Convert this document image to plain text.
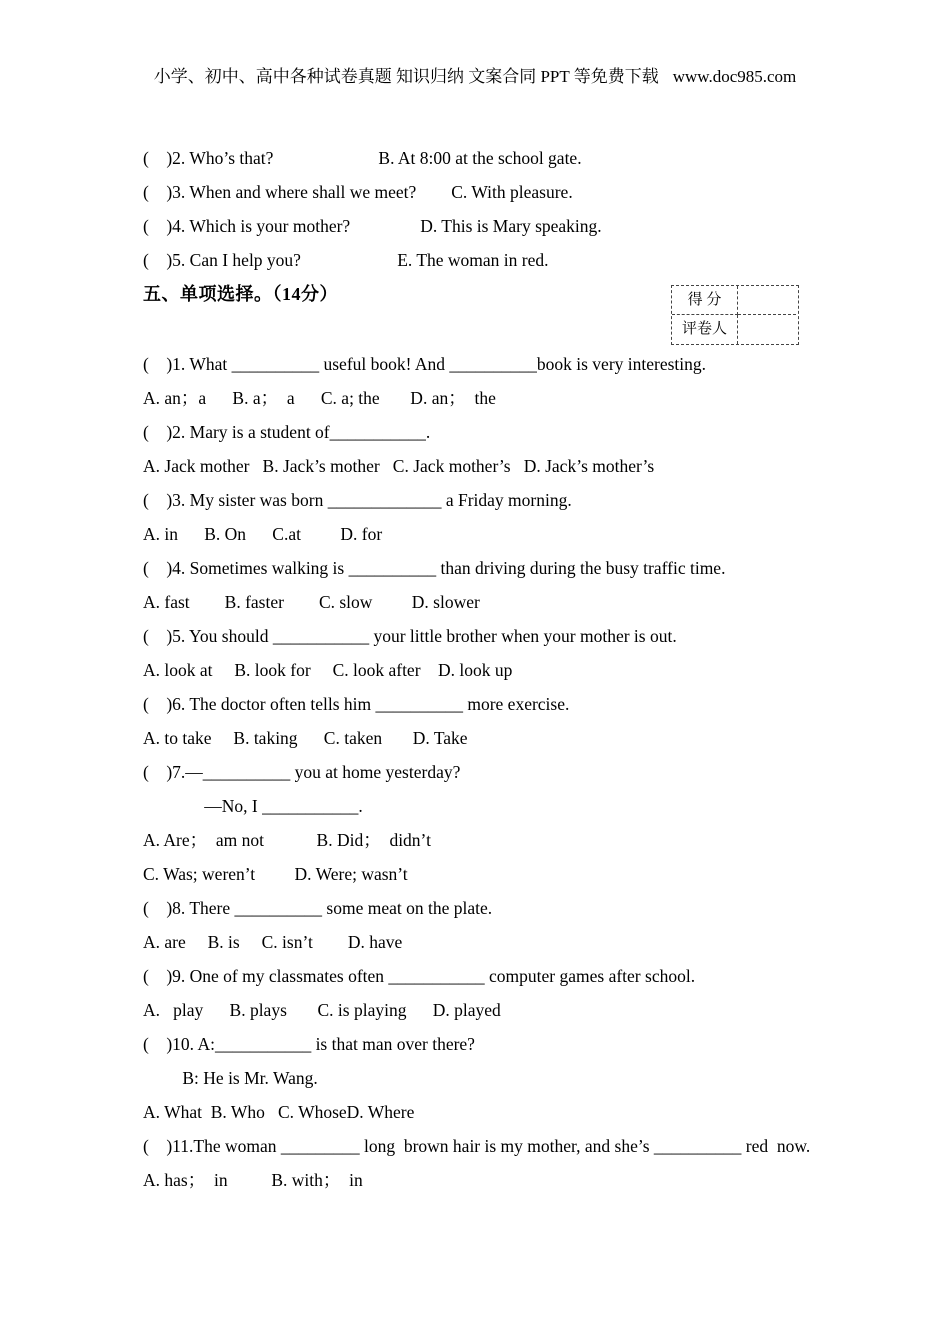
小学、初中、高中各种试卷真题 知识归纳 文案合同 PPT 等免费下载 www.doc985.com
得 分
评卷人
(    )2. Who’s that?                        B. At 8:00 at the school gate.
(    )3. When and where shall we meet?        C. With pleasure.
(    )4. Which is your mother?                D. This is Mary speaking.
(    )5. Can I help you?                      E. The woman in red.
五、单项选择。（14分）
(    )1. What __________ useful book! And __________book is very interesting.
A. an；a      B. a；  a      C. a; the       D. an；  the
(    )2. Mary is a student of___________.
A. Jack mother   B. Jack’s mother   C. Jack mother’s   D. Jack’s mother’s
(    )3. My sister was born _____________ a Friday morning.
A. in      B. On      C.at         D. for
(    )4. Sometimes walking is __________ than driving during the busy traffic time.
A. fast        B. faster        C. slow         D. slower
(    )5. You should ___________ your little brother when your mother is out.
A. look at     B. look for     C. look after    D. look up
(    )6. The doctor often tells him __________ more exercise.
A. to take     B. taking      C. taken       D. Take
(    )7.—__________ you at home yesterday?
—No, I ___________.
A. Are；  am not            B. Did；  didn’t
C. Was; weren’t         D. Were; wasn’t
(    )8. There __________ some meat on the plate.
A. are     B. is     C. isn’t        D. have
(    )9. One of my classmates often ___________ computer games after school.
A.   play      B. plays       C. is playing      D. played
(    )10. A:___________ is that man over there?
B: He is Mr. Wang.
A. What  B. Who   C. WhoseD. Where
(    )11.The woman _________ long  brown hair is my mother, and she’s __________ red  now.
A. has；  in          B. with；  in
